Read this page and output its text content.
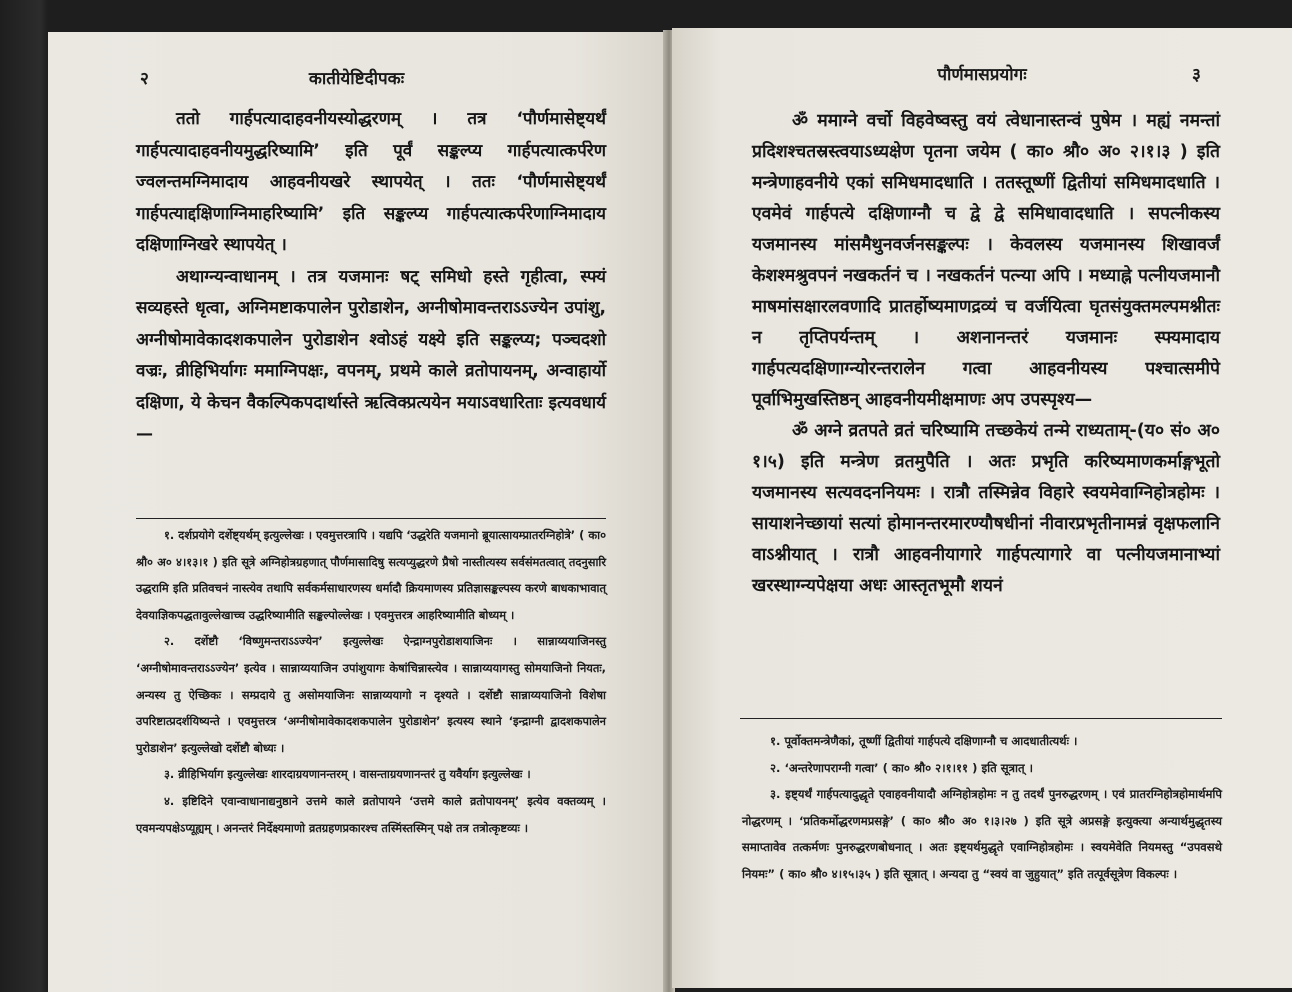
२	कातीयेष्टिदीपकः

ततो गार्हपत्यादाहवनीयस्योद्धरणम् । तत्र ‘पौर्णमासेष्ट्यर्थं गार्हपत्यादाहवनीयमुद्धरिष्यामि’ इति पूर्वं सङ्कल्प्य गार्हपत्यात्कर्परेण ज्वलन्तमग्निमादाय आहवनीयखरे स्थापयेत् । ततः ‘पौर्णमासेष्ट्यर्थं गार्हपत्याद्दक्षिणाग्निमाहरिष्यामि’ इति सङ्कल्प्य गार्हपत्यात्कर्परेणाग्निमादाय दक्षिणाग्निखरे स्थापयेत् ।

अथाग्न्यन्वाधानम् । तत्र यजमानः षट् समिधो हस्ते गृहीत्वा, स्फ्यं सव्यहस्ते धृत्वा, अग्निमष्टाकपालेन पुरोडाशेन, अग्नीषोमावन्तराऽऽज्येन उपांशु, अग्नीषोमावेकादशकपालेन पुरोडाशेन श्वोऽहं यक्ष्ये इति सङ्कल्प्य; पञ्चदशो वज्रः, व्रीहिभिर्यागः ममाग्निपक्षः, वपनम्, प्रथमे काले व्रतोपायनम्, अन्वाहार्यो दक्षिणा, ये केचन वैकल्पिकपदार्थास्ते ऋत्विक्प्रत्ययेन मयाऽवधारिताः इत्यवधार्य—

१. दर्शप्रयोगे दर्शेष्ट्यर्थम् इत्युल्लेखः । एवमुत्तरत्रापि । यद्यपि ‘उद्धरेति यजमानो ब्रूयात्सायम्प्रातरग्निहोत्रे’ ( का० श्रौ० अ० ४।१३।१ ) इति सूत्रे अग्निहोत्रग्रहणात् पौर्णमासादिषु सत्यप्युद्धरणे प्रैषो नास्तीत्यस्य सर्वसंमतत्वात् तदनुसारि उद्धरामि इति प्रतिवचनं नास्त्येव तथापि सर्वकर्मसाधारणस्य धर्मादौ क्रियमाणस्य प्रतिज्ञासङ्कल्पस्य करणे बाधकाभावात् देवयाज्ञिकपद्धतावुल्लेखाच्च उद्धरिष्यामीति सङ्कल्पोल्लेखः । एवमुत्तरत्र आहरिष्यामीति बोध्यम् ।

२. दर्शेष्टौ ‘विष्णुमन्तराऽऽज्येन’ इत्युल्लेखः ऐन्द्राग्नपुरोडाशयाजिनः । सान्नाय्ययाजिनस्तु ‘अग्नीषोमावन्तराऽऽज्येन’ इत्येव । सान्नाय्ययाजिन उपांशुयागः केषांचिन्नास्त्येव । सान्नाय्ययागस्तु सोमयाजिनो नियतः, अन्यस्य तु ऐच्छिकः । सम्प्रदाये तु असोमयाजिनः सान्नाय्ययागो न दृश्यते । दर्शेष्टौ सान्नाय्ययाजिनो विशेषा उपरिष्टात्प्रदर्शयिष्यन्ते । एवमुत्तरत्र ‘अग्नीषोमावेकादशकपालेन पुरोडाशेन’ इत्यस्य स्थाने ‘इन्द्राग्नी द्वादशकपालेन पुरोडाशेन’ इत्युल्लेखो दर्शेष्टौ बोध्यः ।

३. व्रीहिभिर्याग इत्युल्लेखः शारदाग्रयणानन्तरम् । वासन्ताग्रयणानन्तरं तु यवैर्याग इत्युल्लेखः ।

४. इष्टिदिने एवान्वाधानाद्यनुष्ठाने उत्तमे काले व्रतोपायने ‘उत्तमे काले व्रतोपायनम्’ इत्येव वक्तव्यम् । एवमन्यपक्षेऽप्यूह्यम् । अनन्तरं निर्देक्ष्यमाणो व्रतग्रहणप्रकारश्च तस्मिंस्तस्मिन् पक्षे तत्र तत्रोत्कृष्टव्यः ।

पौर्णमासप्रयोगः	३

ॐ ममाग्ने वर्चो विहवेष्वस्तु वयं त्वेधानास्तन्वं पुषेम । मह्यं नमन्तां प्रदिशश्चतस्रस्त्वयाऽध्यक्षेण पृतना जयेम ( का० श्रौ० अ० २।१।३ ) इति मन्त्रेणाहवनीये एकां समिधमादधाति । ततस्तूष्णीं द्वितीयां समिधमादधाति । एवमेवं गार्हपत्ये दक्षिणाग्नौ च द्वे द्वे समिधावादधाति । सपत्नीकस्य यजमानस्य मांसमैथुनवर्जनसङ्कल्पः । केवलस्य यजमानस्य शिखावर्जं केशश्मश्रुवपनं नखकर्तनं च । नखकर्तनं पत्न्या अपि । मध्याह्ने पत्नीयजमानौ माषमांसक्षारलवणादि प्रातर्होष्यमाणद्रव्यं च वर्जयित्वा घृतसंयुक्तमल्पमश्नीतः न तृप्तिपर्यन्तम् । अशनानन्तरं यजमानः स्फ्यमादाय गार्हपत्यदक्षिणाग्न्योरन्तरालेन गत्वा आहवनीयस्य पश्चात्समीपे पूर्वाभिमुखस्तिष्ठन् आहवनीयमीक्षमाणः अप उपस्पृश्य—

ॐ अग्ने व्रतपते व्रतं चरिष्यामि तच्छकेयं तन्मे राध्यताम्-(य० सं० अ० १।५) इति मन्त्रेण व्रतमुपैति । अतः प्रभृति करिष्यमाणकर्माङ्गभूतो यजमानस्य सत्यवदननियमः । रात्रौ तस्मिन्नेव विहारे स्वयमेवाग्निहोत्रहोमः । सायाशनेच्छायां सत्यां होमानन्तरमारण्यौषधीनां नीवारप्रभृतीनामन्नं वृक्षफलानि वाऽश्नीयात् । रात्रौ आहवनीयागारे गार्हपत्यागारे वा पत्नीयजमानाभ्यां खरस्थाग्न्यपेक्षया अधः आस्तृतभूमौ शयनं

१. पूर्वोक्तमन्त्रेणैकां, तूष्णीं द्वितीयां गार्हपत्ये दक्षिणाग्नौ च आदधातीत्यर्थः ।

२. ‘अन्तरेणापराग्नी गत्वा’ ( का० श्रौ० २।१।११ ) इति सूत्रात् ।

३. इष्ट्यर्थं गार्हपत्यादुद्धृते एवाहवनीयादौ अग्निहोत्रहोमः न तु तदर्थं पुनरुद्धरणम् । एवं प्रातरग्निहोत्रहोमार्थमपि नोद्धरणम् । ‘प्रतिकर्मोद्धरणमप्रसङ्गे’ ( का० श्रौ० अ० १।३।२७ ) इति सूत्रे अप्रसङ्गे इत्युक्त्या अन्यार्थमुद्धृतस्य समाप्तावेव तत्कर्मणः पुनरुद्धरणबोधनात् । अतः इष्ट्यर्थमुद्धृते एवाग्निहोत्रहोमः । स्वयमेवेति नियमस्तु “उपवसथे नियमः” ( का० श्रौ० ४।१५।३५ ) इति सूत्रात् । अन्यदा तु “स्वयं वा जुहुयात्” इति तत्पूर्वसूत्रेण विकल्पः ।
